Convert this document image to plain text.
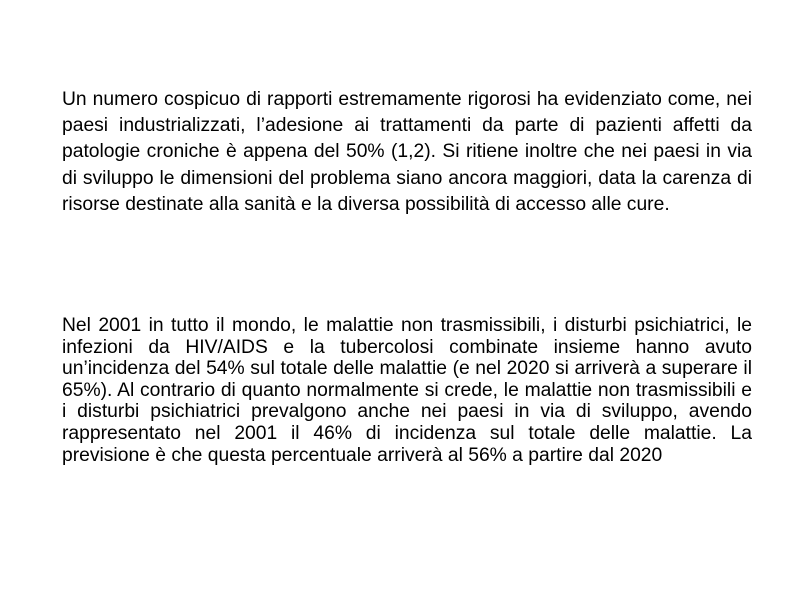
Un numero cospicuo di rapporti estremamente rigorosi ha evidenziato come, nei paesi industrializzati, l’adesione ai trattamenti da parte di pazienti affetti da patologie croniche è appena del 50% (1,2). Si ritiene inoltre che nei paesi in via di sviluppo le dimensioni del problema siano ancora maggiori, data la carenza di risorse destinate alla sanità e la diversa possibilità di accesso alle cure.

Nel 2001 in tutto il mondo, le malattie non trasmissibili, i disturbi psichiatrici, le infezioni da HIV/AIDS e la tubercolosi combinate insieme hanno avuto un’incidenza del 54% sul totale delle malattie (e nel 2020 si arriverà a superare il 65%). Al contrario di quanto normalmente si crede, le malattie non trasmissibili e i disturbi psichiatrici prevalgono anche nei paesi in via di sviluppo, avendo rappresentato nel 2001 il 46% di incidenza sul totale delle malattie. La previsione è che questa percentuale arriverà al 56% a partire dal 2020
